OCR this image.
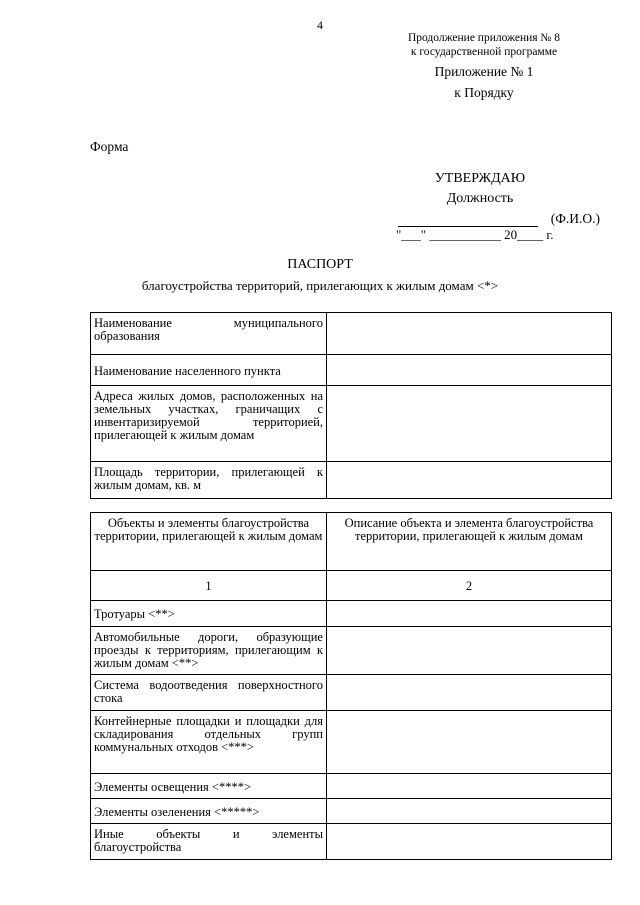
4
Продолжение приложения № 8
к государственной программе
Приложение № 1
к Порядку
Форма
УТВЕРЖДАЮ
Должность
(Ф.И.О.)
"___" ___________ 20____ г.
ПАСПОРТ
благоустройства территорий, прилегающих к жилым домам <*>
Наименование муниципального образования	
Наименование населенного пункта	
Адреса жилых домов, расположенных на земельных участках, граничащих с инвентаризируемой территорией, прилегающей к жилым домам	
Площадь территории, прилегающей к жилым домам, кв. м	
Объекты и элементы благоустройства территории, прилегающей к жилым домам	Описание объекта и элемента благоустройства территории, прилегающей к жилым домам
1	2
Тротуары <**>	
Автомобильные дороги, образующие проезды к территориям, прилегающим к жилым домам <**>	
Система водоотведения поверхностного стока	
Контейнерные площадки и площадки для складирования отдельных групп коммунальных отходов <***>	
Элементы освещения <****>	
Элементы озеленения <*****>	
Иные объекты и элементы благоустройства	
